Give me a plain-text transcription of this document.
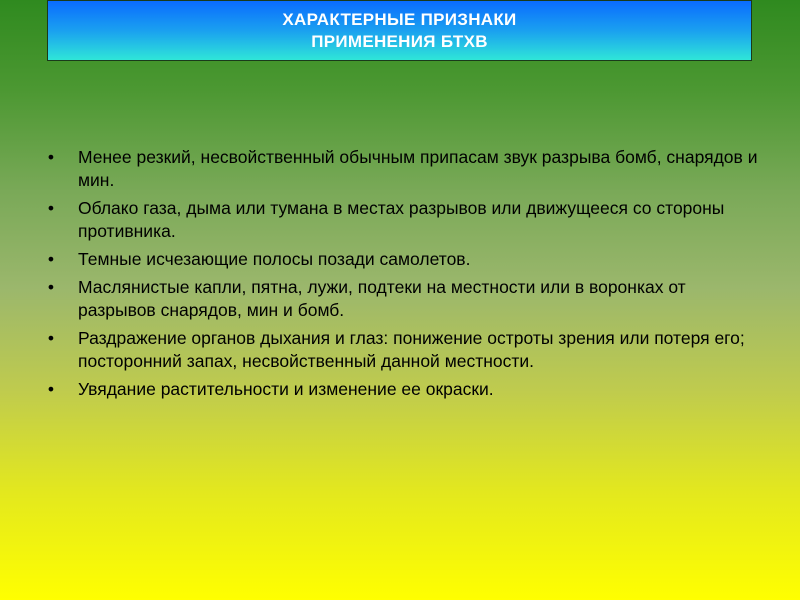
ХАРАКТЕРНЫЕ ПРИЗНАКИ
ПРИМЕНЕНИЯ БТХВ
• Менее резкий, несвойственный обычным припасам звук разрыва бомб, снарядов и мин.
• Облако газа, дыма или тумана в местах разрывов или движущееся со стороны противника.
• Темные исчезающие полосы позади самолетов.
• Маслянистые капли, пятна, лужи, подтеки на местности или в воронках от разрывов снарядов, мин и бомб.
• Раздражение органов дыхания и глаз: понижение остроты зрения или потеря его; посторонний запах, несвойственный данной местности.
• Увядание растительности и изменение ее окраски.
